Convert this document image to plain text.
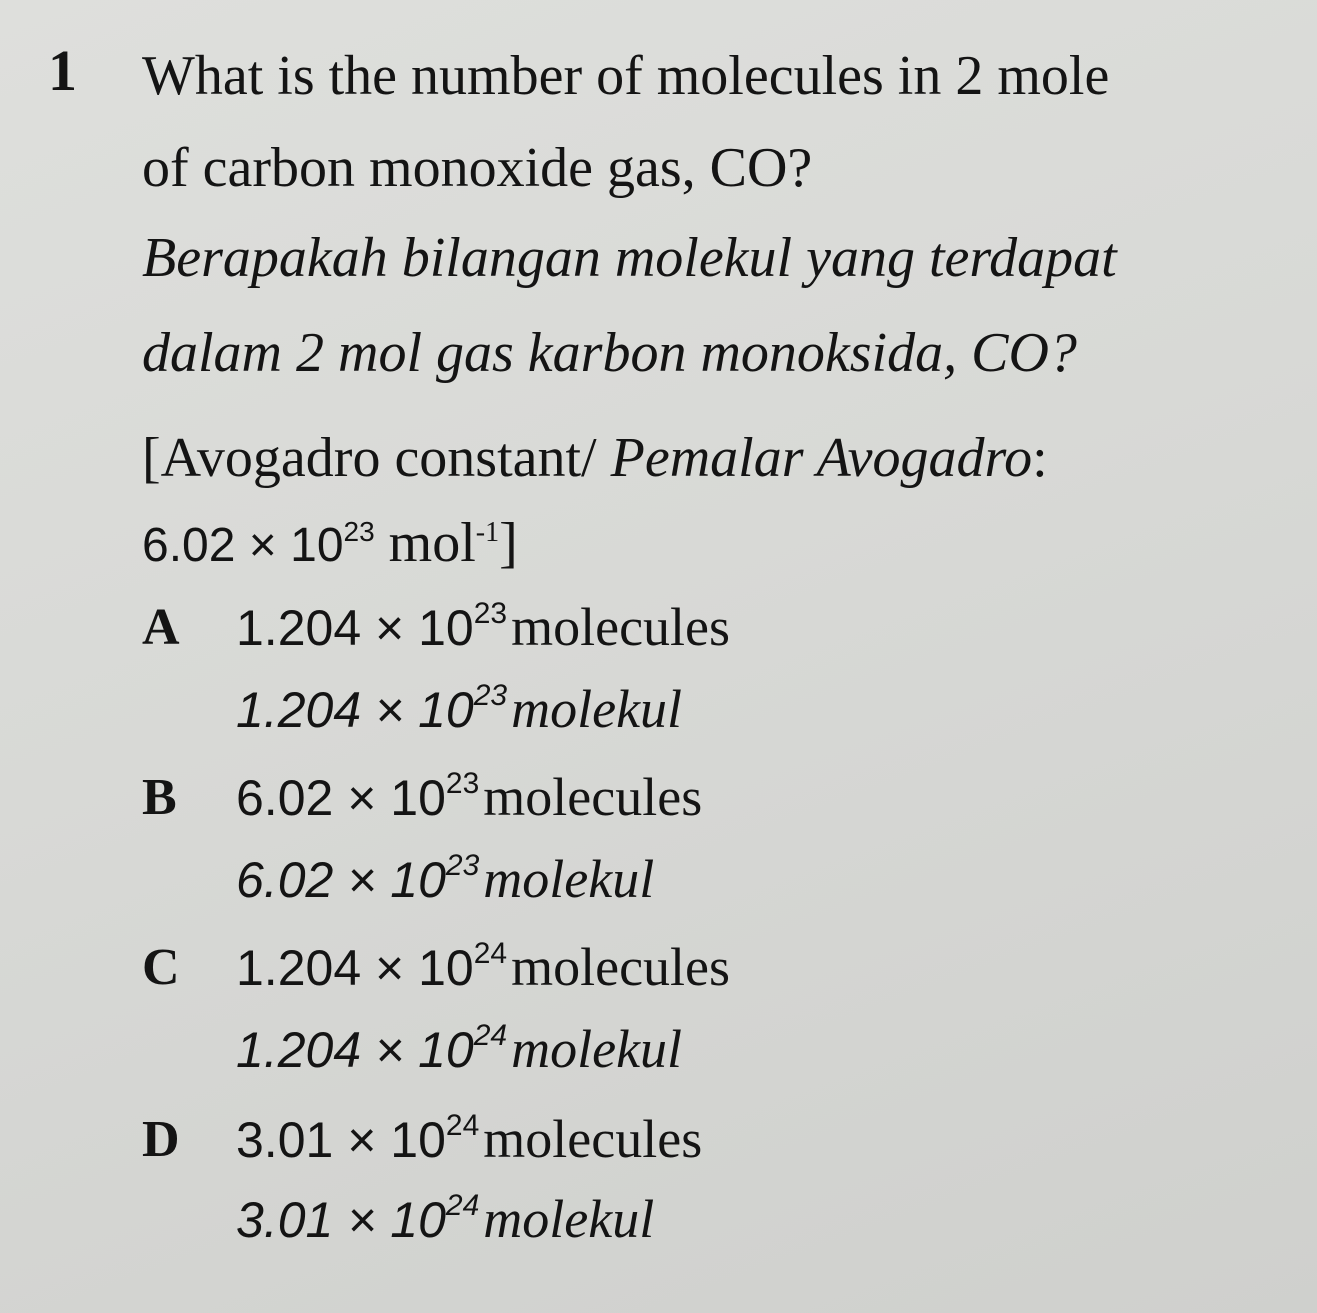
1 What is the number of molecules in 2 mole
of carbon monoxide gas, CO?
Berapakah bilangan molekul yang terdapat
dalam 2 mol gas karbon monoksida, CO?
[Avogadro constant/ Pemalar Avogadro:
$6.02 \times 10^{23}$ mol$^{-1}$]
A $1.204 \times 10^{23}$ molecules
$1.204 \times 10^{23}$ molekul
B $6.02 \times 10^{23}$ molecules
$6.02 \times 10^{23}$ molekul
C $1.204 \times 10^{24}$ molecules
$1.204 \times 10^{24}$ molekul
D $3.01 \times 10^{24}$ molecules
$3.01 \times 10^{24}$ molekul
